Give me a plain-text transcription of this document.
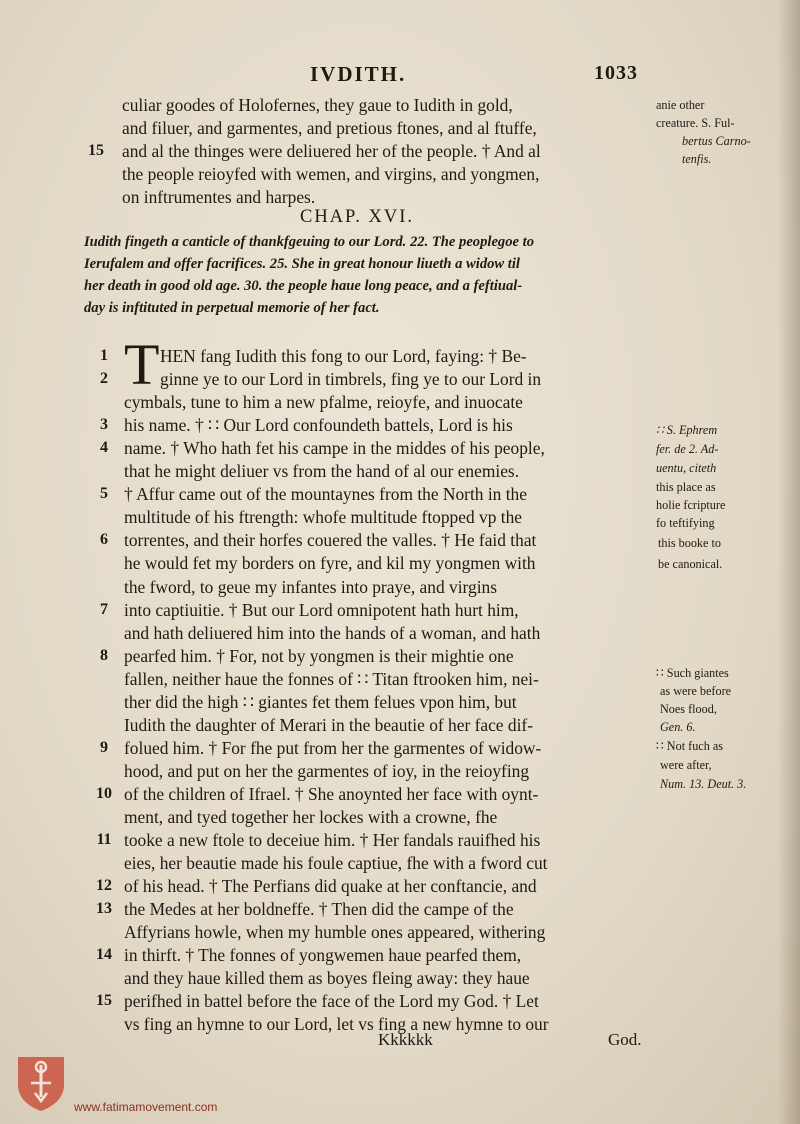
IVDITH.	1033
culiar goodes of Holofernes, they gaue to Iudith in gold,
and filuer, and garmentes, and pretious ftones, and al ftuffe,
15 and al the thinges were deliuered her of the people. † And al
the people reioyfed with wemen, and virgins, and yongmen,
on inftrumentes and harpes.
CHAP. XVI.
Iudith fingeth a canticle of thankfgeuing to our Lord. 22. The peoplegoe to
Ierufalem and offer facrifices. 25. She in great honour liueth a widow til
her death in good old age. 30. the people haue long peace, and a feftiual-
day is inftituted in perpetual memorie of her fact.
T
1	HEN fang Iudith this fong to our Lord, faying: † Be-
2	ginne ye to our Lord in timbrels, fing ye to our Lord in
cymbals, tune to him a new pfalme, reioyfe, and inuocate
3 his name. † ∷ Our Lord confoundeth battels, Lord is his
4 name. † Who hath fet his campe in the middes of his people,
that he might deliuer vs from the hand of al our enemies.
5 † Affur came out of the mountaynes from the North in the
multitude of his ftrength: whofe multitude ftopped vp the
6 torrentes, and their horfes couered the valles. † He faid that
he would fet my borders on fyre, and kil my yongmen with
the fword, to geue my infantes into praye, and virgins
7 into captiuitie. † But our Lord omnipotent hath hurt him,
and hath deliuered him into the hands of a woman, and hath
8 pearfed him. † For, not by yongmen is their mightie one
fallen, neither haue the fonnes of ∷ Titan ftrooken him, nei-
ther did the high ∷ giantes fet them felues vpon him, but
Iudith the daughter of Merari in the beautie of her face dif-
9 folued him. † For fhe put from her the garmentes of widow-
hood, and put on her the garmentes of ioy, in the reioyfing
10 of the children of Ifrael. † She anoynted her face with oynt-
ment, and tyed together her lockes with a crowne, fhe
11 tooke a new ftole to deceiue him. † Her fandals rauifhed his
eies, her beautie made his foule captiue, fhe with a fword cut
12 of his head. † The Perfians did quake at her conftancie, and
13 the Medes at her boldneffe. † Then did the campe of the
Affyrians howle, when my humble ones appeared, withering
14 in thirft. † The fonnes of yongwemen haue pearfed them,
and they haue killed them as boyes fleing away: they haue
15 perifhed in battel before the face of the Lord my God. † Let
vs fing an hymne to our Lord, let vs fing a new hymne to our
anie other
creature. S. Ful-
bertus Carno-
tenfis.
∷ S. Ephrem
fer. de 2. Ad-
uentu, citeth
this place as
holie fcripture
fo teftifying
this booke to
be canonical.
∷ Such giantes
as were before
Noes flood,
Gen. 6.
∷ Not fuch as
were after,
Num. 13. Deut. 3.
Kkkkkk	God.
www.fatimamovement.com
